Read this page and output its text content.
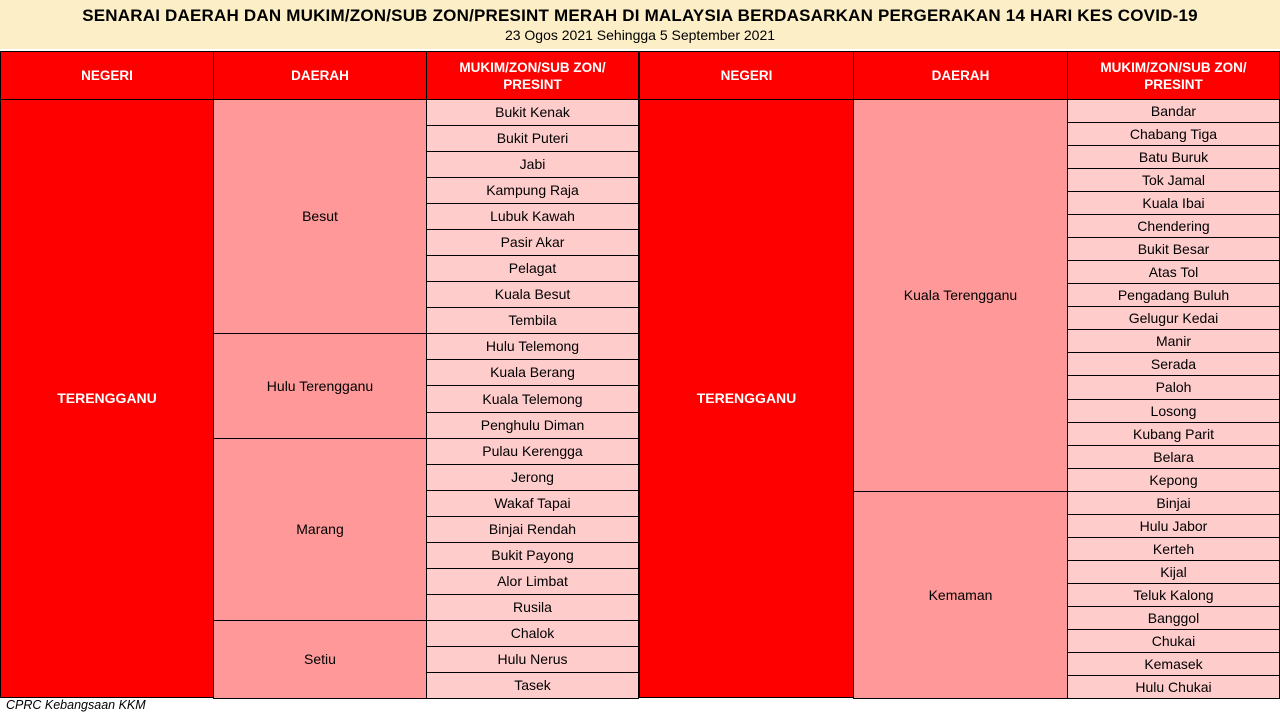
SENARAI DAERAH DAN MUKIM/ZON/SUB ZON/PRESINT MERAH DI MALAYSIA BERDASARKAN PERGERAKAN 14 HARI KES COVID-19
23 Ogos 2021 Sehingga 5 September 2021
NEGERI	DAERAH
MUKIM/ZON/SUB ZON/
PRESINT
TERENGGANU
Besut
Bukit Kenak
Bukit Puteri
Jabi
Kampung Raja
Lubuk Kawah
Pasir Akar
Pelagat
Kuala Besut
Tembila
Hulu Terengganu
Hulu Telemong
Kuala Berang
Kuala Telemong
Penghulu Diman
Marang
Pulau Kerengga
Jerong
Wakaf Tapai
Binjai Rendah
Bukit Payong
Alor Limbat
Rusila
Setiu
Chalok
Hulu Nerus
Tasek
NEGERI	DAERAH
MUKIM/ZON/SUB ZON/
PRESINT
TERENGGANU
Kuala Terengganu
Bandar
Chabang Tiga
Batu Buruk
Tok Jamal
Kuala Ibai
Chendering
Bukit Besar
Atas Tol
Pengadang Buluh
Gelugur Kedai
Manir
Serada
Paloh
Losong
Kubang Parit
Belara
Kepong
Kemaman
Binjai
Hulu Jabor
Kerteh
Kijal
Teluk Kalong
Banggol
Chukai
Kemasek
Hulu Chukai
CPRC Kebangsaan KKM
